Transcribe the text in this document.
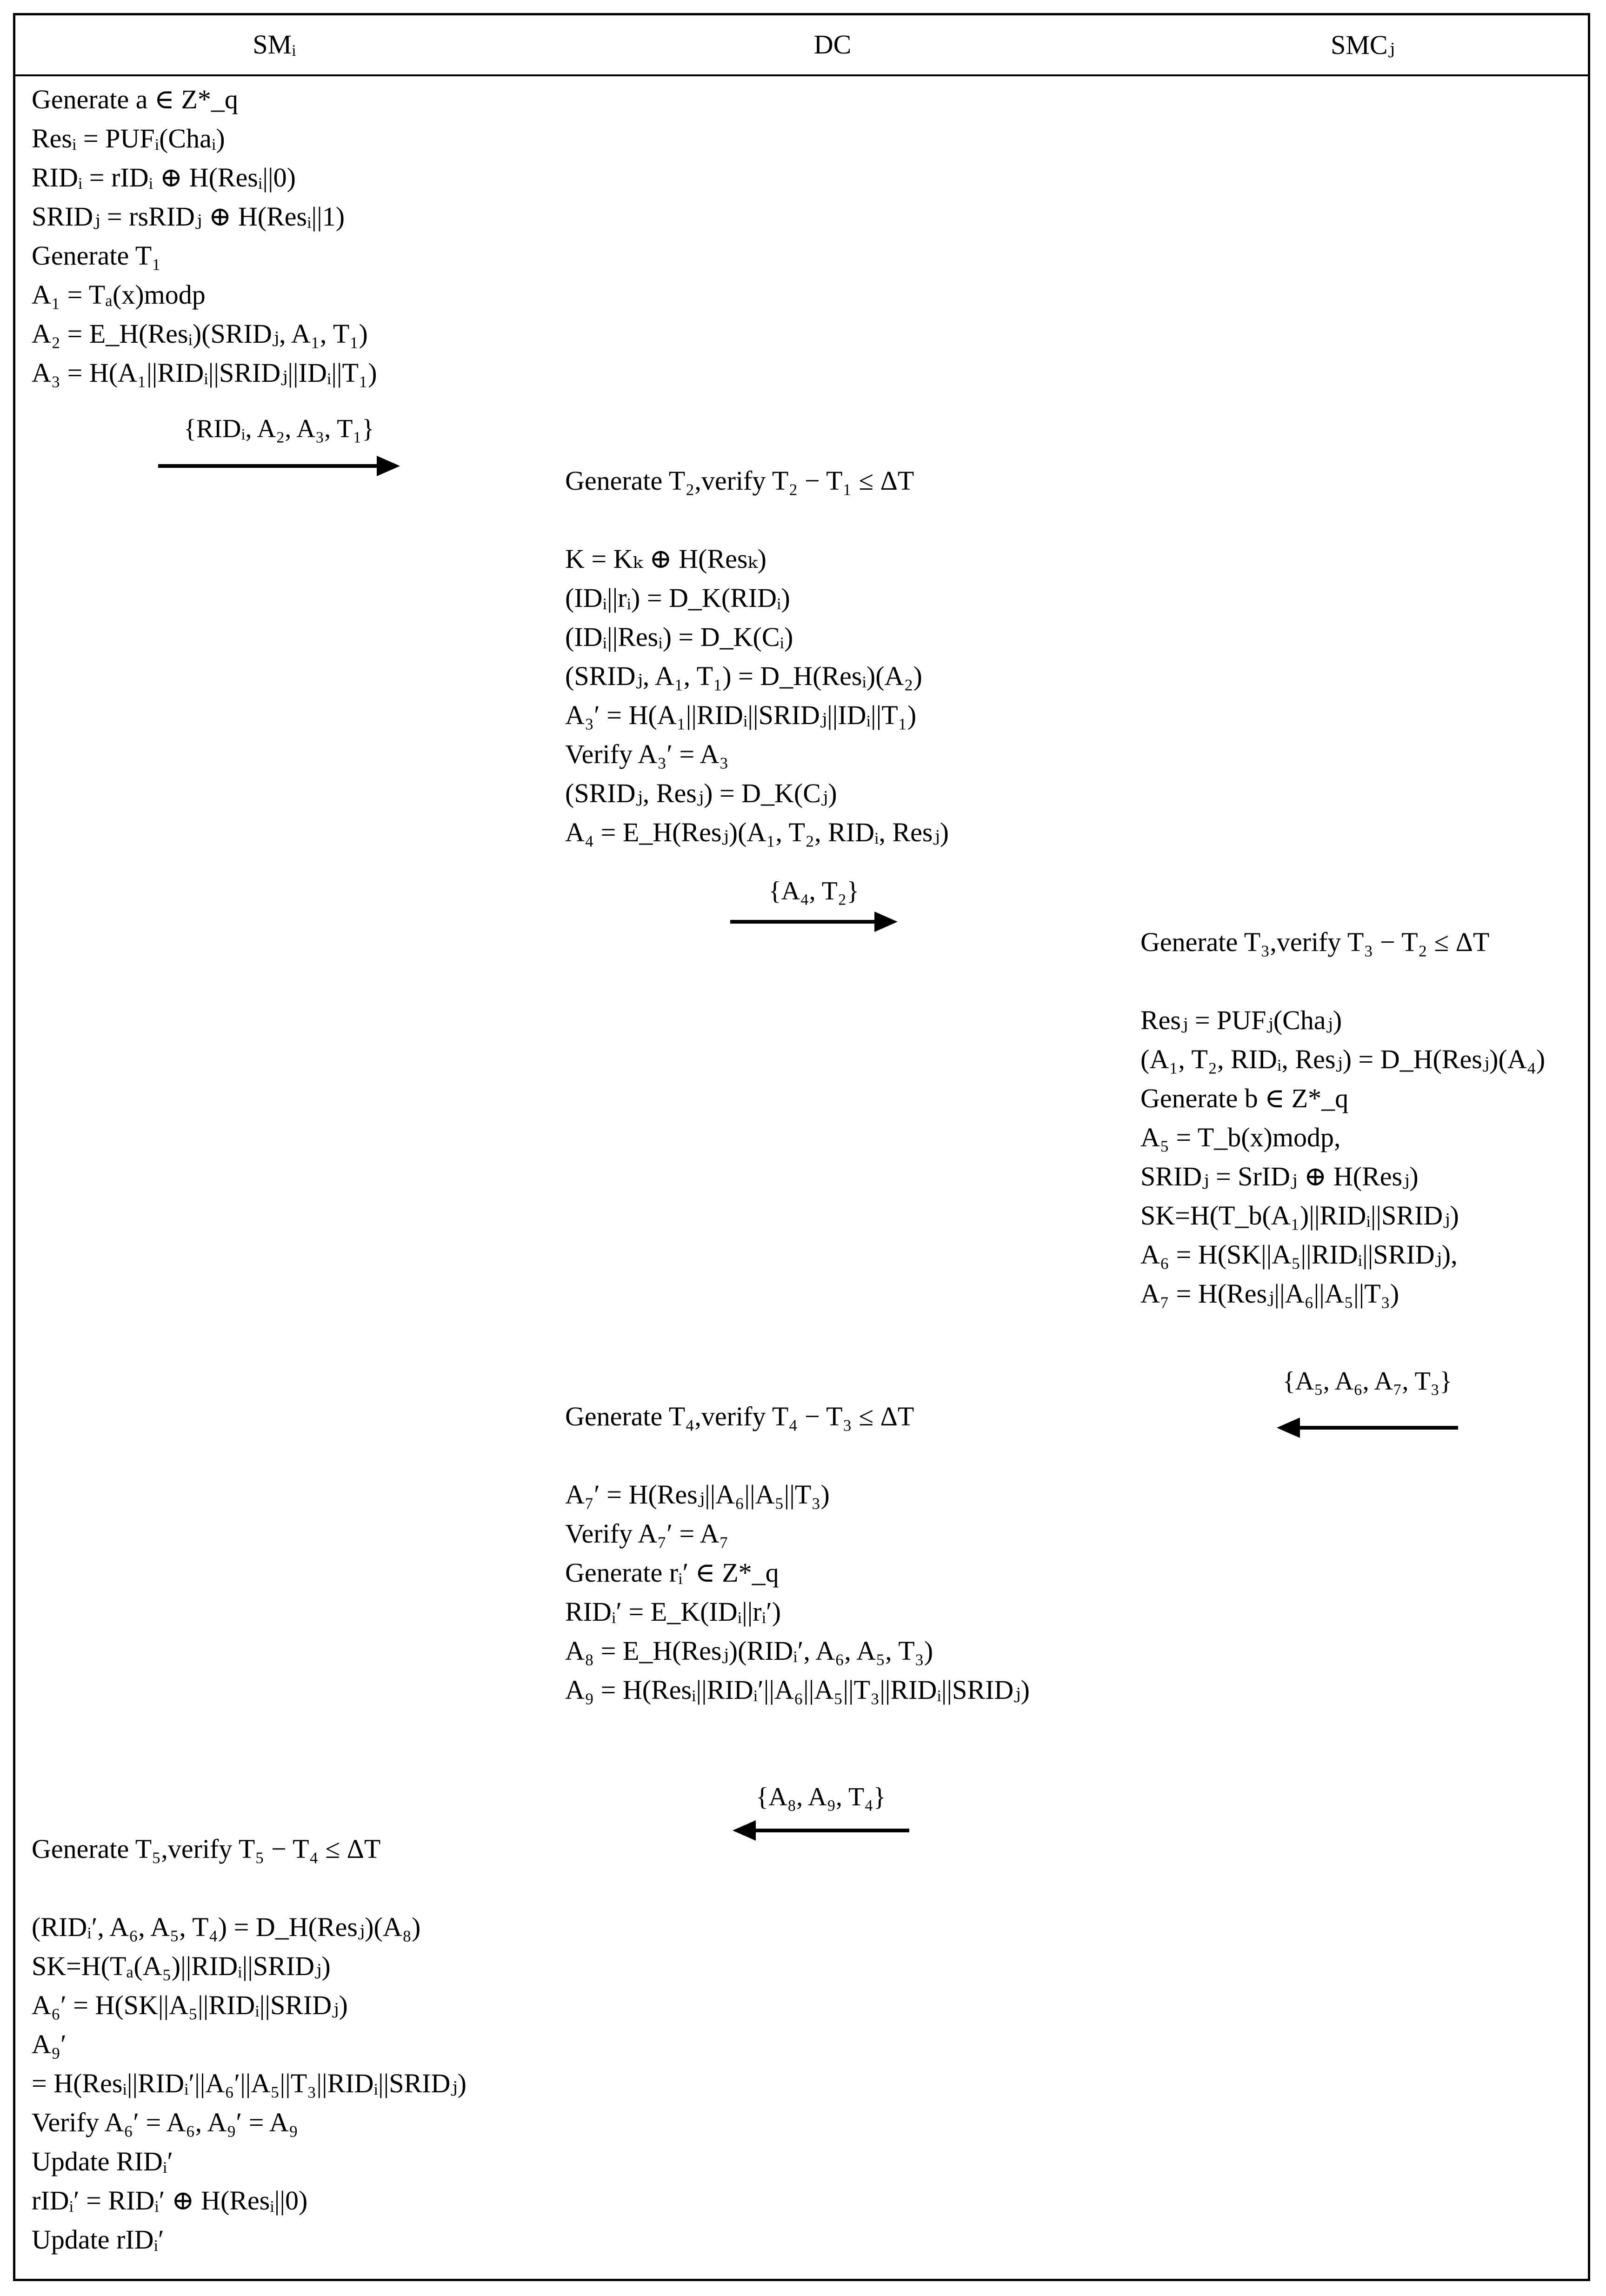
SMᵢ	DC	SMCⱼ
Generate a ∈ Z*_q
Resᵢ = PUFᵢ(Chaᵢ)
RIDᵢ = rIDᵢ ⊕ H(Resᵢ||0)
SRIDⱼ = rsRIDⱼ ⊕ H(Resᵢ||1)
Generate T₁
A₁ = Tₐ(x)modp
A₂ = E_H(Resᵢ)(SRIDⱼ, A₁, T₁)
A₃ = H(A₁||RIDᵢ||SRIDⱼ||IDᵢ||T₁)
{RIDᵢ, A₂, A₃, T₁}
Generate T₂,verify T₂ − T₁ ≤ ΔT
K = Kₖ ⊕ H(Resₖ)
(IDᵢ||rᵢ) = D_K(RIDᵢ)
(IDᵢ||Resᵢ) = D_K(Cᵢ)
(SRIDⱼ, A₁, T₁) = D_H(Resᵢ)(A₂)
A₃′ = H(A₁||RIDᵢ||SRIDⱼ||IDᵢ||T₁)
Verify A₃′ = A₃
(SRIDⱼ, Resⱼ) = D_K(Cⱼ)
A₄ = E_H(Resⱼ)(A₁, T₂, RIDᵢ, Resⱼ)
{A₄, T₂}
Generate T₃,verify T₃ − T₂ ≤ ΔT
Resⱼ = PUFⱼ(Chaⱼ)
(A₁, T₂, RIDᵢ, Resⱼ) = D_H(Resⱼ)(A₄)
Generate b ∈ Z*_q
A₅ = T_b(x)modp,
SRIDⱼ = SrIDⱼ ⊕ H(Resⱼ)
SK=H(T_b(A₁)||RIDᵢ||SRIDⱼ)
A₆ = H(SK||A₅||RIDᵢ||SRIDⱼ),
A₇ = H(Resⱼ||A₆||A₅||T₃)
{A₅, A₆, A₇, T₃}
Generate T₄,verify T₄ − T₃ ≤ ΔT
A₇′ = H(Resⱼ||A₆||A₅||T₃)
Verify A₇′ = A₇
Generate rᵢ′ ∈ Z*_q
RIDᵢ′ = E_K(IDᵢ||rᵢ′)
A₈ = E_H(Resⱼ)(RIDᵢ′, A₆, A₅, T₃)
A₉ = H(Resᵢ||RIDᵢ′||A₆||A₅||T₃||RIDᵢ||SRIDⱼ)
{A₈, A₉, T₄}
Generate T₅,verify T₅ − T₄ ≤ ΔT
(RIDᵢ′, A₆, A₅, T₄) = D_H(Resⱼ)(A₈)
SK=H(Tₐ(A₅)||RIDᵢ||SRIDⱼ)
A₆′ = H(SK||A₅||RIDᵢ||SRIDⱼ)
A₉′
= H(Resᵢ||RIDᵢ′||A₆′||A₅||T₃||RIDᵢ||SRIDⱼ)
Verify A₆′ = A₆, A₉′ = A₉
Update RIDᵢ′
rIDᵢ′ = RIDᵢ′ ⊕ H(Resᵢ||0)
Update rIDᵢ′
